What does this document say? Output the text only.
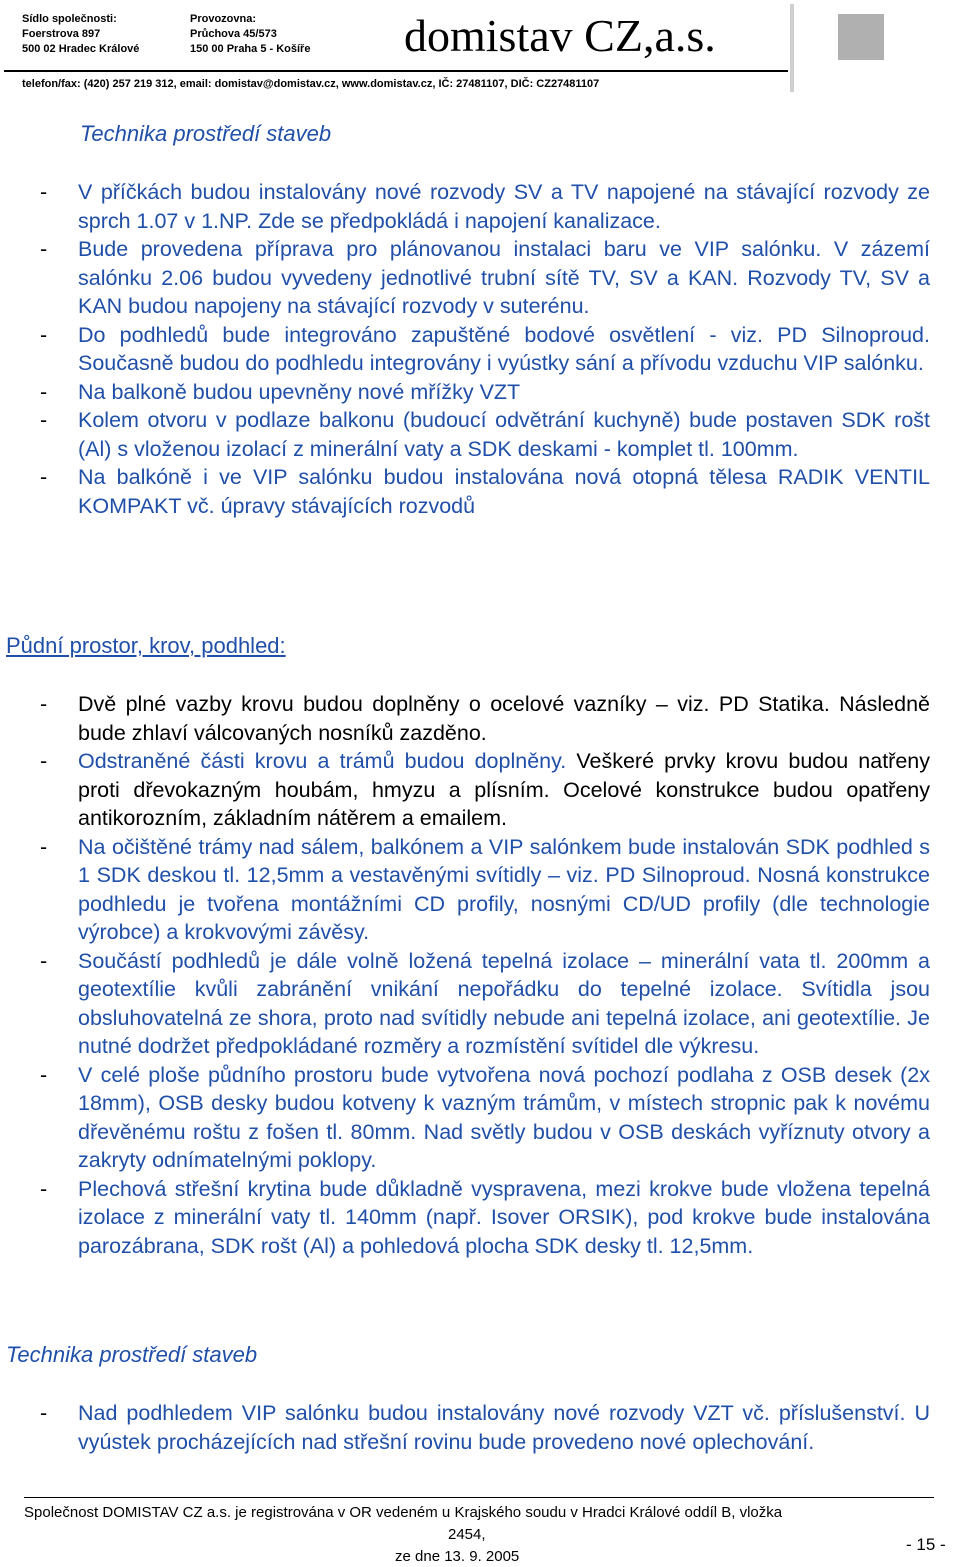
Sídlo společnosti:
Foerstrova 897
500 02 Hradec Králové
Provozovna:
Průchova 45/573
150 00 Praha 5 - Košíře domistav CZ,a.s.
telefon/fax: (420) 257 219 312, email: domistav@domistav.cz, www.domistav.cz, IČ: 27481107, DIČ: CZ27481107
Technika prostředí staveb
- V příčkách budou instalovány nové rozvody SV a TV napojené na stávající rozvody ze sprch 1.07 v 1.NP. Zde se předpokládá i napojení kanalizace.
- Bude provedena příprava pro plánovanou instalaci baru ve VIP salónku. V zázemí salónku 2.06 budou vyvedeny jednotlivé trubní sítě TV, SV a KAN. Rozvody TV, SV a KAN budou napojeny na stávající rozvody v suterénu.
- Do podhledů bude integrováno zapuštěné bodové osvětlení - viz. PD Silnoproud. Současně budou do podhledu integrovány i vyústky sání a přívodu vzduchu VIP salónku.
- Na balkoně budou upevněny nové mřížky VZT
- Kolem otvoru v podlaze balkonu (budoucí odvětrání kuchyně) bude postaven SDK rošt (Al) s vloženou izolací z minerální vaty a SDK deskami - komplet tl. 100mm.
- Na balkóně i ve VIP salónku budou instalována nová otopná tělesa RADIK VENTIL KOMPAKT vč. úpravy stávajících rozvodů
Půdní prostor, krov, podhled:
- Dvě plné vazby krovu budou doplněny o ocelové vazníky – viz. PD Statika. Následně bude zhlaví válcovaných nosníků zazděno.
- Odstraněné části krovu a trámů budou doplněny. Veškeré prvky krovu budou natřeny proti dřevokazným houbám, hmyzu a plísním. Ocelové konstrukce budou opatřeny antikorozním, základním nátěrem a emailem.
- Na očištěné trámy nad sálem, balkónem a VIP salónkem bude instalován SDK podhled s 1 SDK deskou tl. 12,5mm a vestavěnými svítidly – viz. PD Silnoproud. Nosná konstrukce podhledu je tvořena montážními CD profily, nosnými CD/UD profily (dle technologie výrobce) a krokvovými závěsy.
- Součástí podhledů je dále volně ložená tepelná izolace – minerální vata tl. 200mm a geotextílie kvůli zabránění vnikání nepořádku do tepelné izolace. Svítidla jsou obsluhovatelná ze shora, proto nad svítidly nebude ani tepelná izolace, ani geotextílie. Je nutné dodržet předpokládané rozměry a rozmístění svítidel dle výkresu.
- V celé ploše půdního prostoru bude vytvořena nová pochozí podlaha z OSB desek (2x 18mm), OSB desky budou kotveny k vazným trámům, v místech stropnic pak k novému dřevěnému roštu z fošen tl. 80mm. Nad světly budou v OSB deskách vyříznuty otvory a zakryty odnímatelnými poklopy.
- Plechová střešní krytina bude důkladně vyspravena, mezi krokve bude vložena tepelná izolace z minerální vaty tl. 140mm (např. Isover ORSIK), pod krokve bude instalována parozábrana, SDK rošt (Al) a pohledová plocha SDK desky tl. 12,5mm.
Technika prostředí staveb
- Nad podhledem VIP salónku budou instalovány nové rozvody VZT vč. příslušenství. U vyústek procházejících nad střešní rovinu bude provedeno nové oplechování.
Společnost DOMISTAV CZ a.s. je registrována v OR vedeném u Krajského soudu v Hradci Králové oddíl B, vložka
2454,
ze dne 13. 9. 2005
- 15 -
